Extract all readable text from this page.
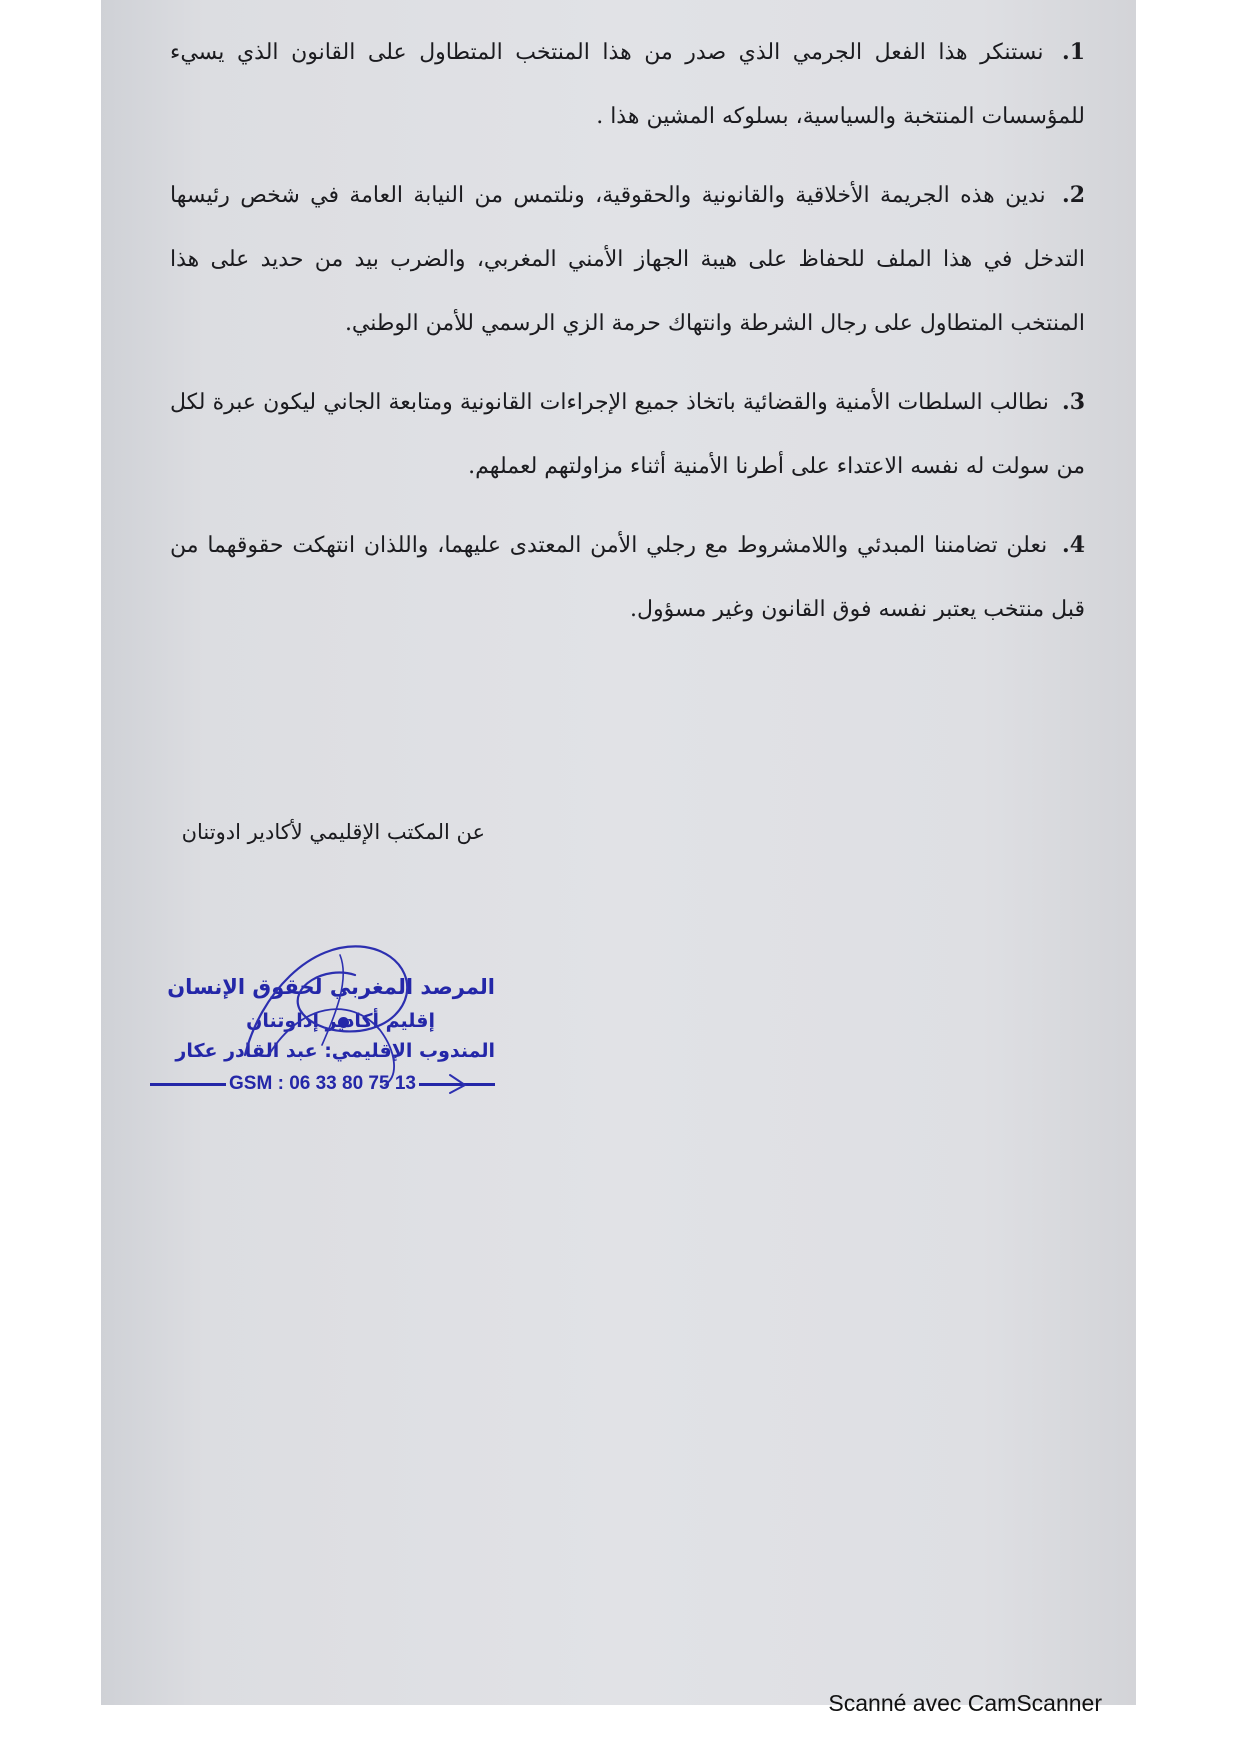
1. نستنكر هذا الفعل الجرمي الذي صدر من هذا المنتخب المتطاول على القانون الذي يسيء للمؤسسات المنتخبة والسياسية، بسلوكه المشين هذا .

2. ندين هذه الجريمة الأخلاقية والقانونية والحقوقية، ونلتمس من النيابة العامة في شخص رئيسها التدخل في هذا الملف للحفاظ على هيبة الجهاز الأمني المغربي، والضرب بيد من حديد على هذا المنتخب المتطاول على رجال الشرطة وانتهاك حرمة الزي الرسمي للأمن الوطني.

3. نطالب السلطات الأمنية والقضائية باتخاذ جميع الإجراءات القانونية ومتابعة الجاني ليكون عبرة لكل من سولت له نفسه الاعتداء على أطرنا الأمنية أثناء مزاولتهم لعملهم.

4. نعلن تضامننا المبدئي واللامشروط مع رجلي الأمن المعتدى عليهما، واللذان انتهكت حقوقهما من قبل منتخب يعتبر نفسه فوق القانون وغير مسؤول.

عن المكتب الإقليمي لأكادير ادوتنان
المرصد المغربي لحقوق الإنسان
إقليم أكادير إداوتنان
المندوب الإقليمي: عبد القادر عكار
GSM : 06 33 80 75 13
Scanné avec CamScanner
